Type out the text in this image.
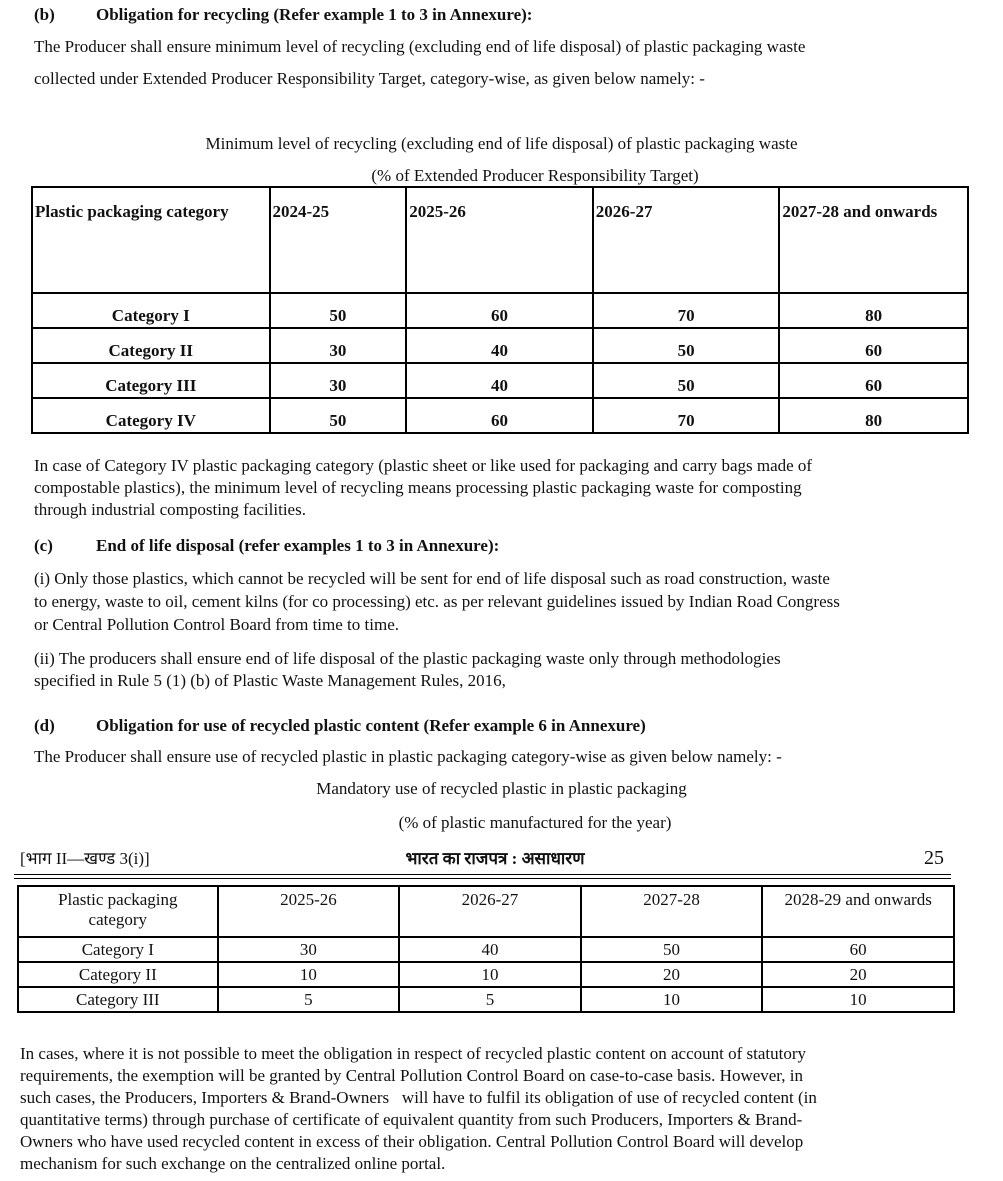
(b) Obligation for recycling (Refer example 1 to 3 in Annexure):
The Producer shall ensure minimum level of recycling (excluding end of life disposal) of plastic packaging waste
collected under Extended Producer Responsibility Target, category-wise, as given below namely: -
Minimum level of recycling (excluding end of life disposal) of plastic packaging waste
(% of Extended Producer Responsibility Target)
Plastic packaging category	2024-25	2025-26	2026-27	2027-28 and onwards
Category I	50	60	70	80
Category II	30	40	50	60
Category III	30	40	50	60
Category IV	50	60	70	80
In case of Category IV plastic packaging category (plastic sheet or like used for packaging and carry bags made of
compostable plastics), the minimum level of recycling means processing plastic packaging waste for composting
through industrial composting facilities.
(c)	End of life disposal (refer examples 1 to 3 in Annexure):
(i) Only those plastics, which cannot be recycled will be sent for end of life disposal such as road construction, waste
to energy, waste to oil, cement kilns (for co processing) etc. as per relevant guidelines issued by Indian Road Congress
or Central Pollution Control Board from time to time.
(ii) The producers shall ensure end of life disposal of the plastic packaging waste only through methodologies
specified in Rule 5 (1) (b) of Plastic Waste Management Rules, 2016,
(d) Obligation for use of recycled plastic content (Refer example 6 in Annexure)
The Producer shall ensure use of recycled plastic in plastic packaging category-wise as given below namely: -
Mandatory use of recycled plastic in plastic packaging
(% of plastic manufactured for the year)
[भाग II—खण्ड 3(i)]	भारत का राजपत्र : असाधारण	25
Plastic packaging
category	2025-26	2026-27	2027-28	2028-29 and onwards
Category I	30	40	50	60
Category II	10	10	20	20
Category III	5	5	10	10
In cases, where it is not possible to meet the obligation in respect of recycled plastic content on account of statutory
requirements, the exemption will be granted by Central Pollution Control Board on case-to-case basis. However, in
such cases, the Producers, Importers & Brand-Owners   will have to fulfil its obligation of use of recycled content (in
quantitative terms) through purchase of certificate of equivalent quantity from such Producers, Importers & Brand-
Owners who have used recycled content in excess of their obligation. Central Pollution Control Board will develop
mechanism for such exchange on the centralized online portal.
